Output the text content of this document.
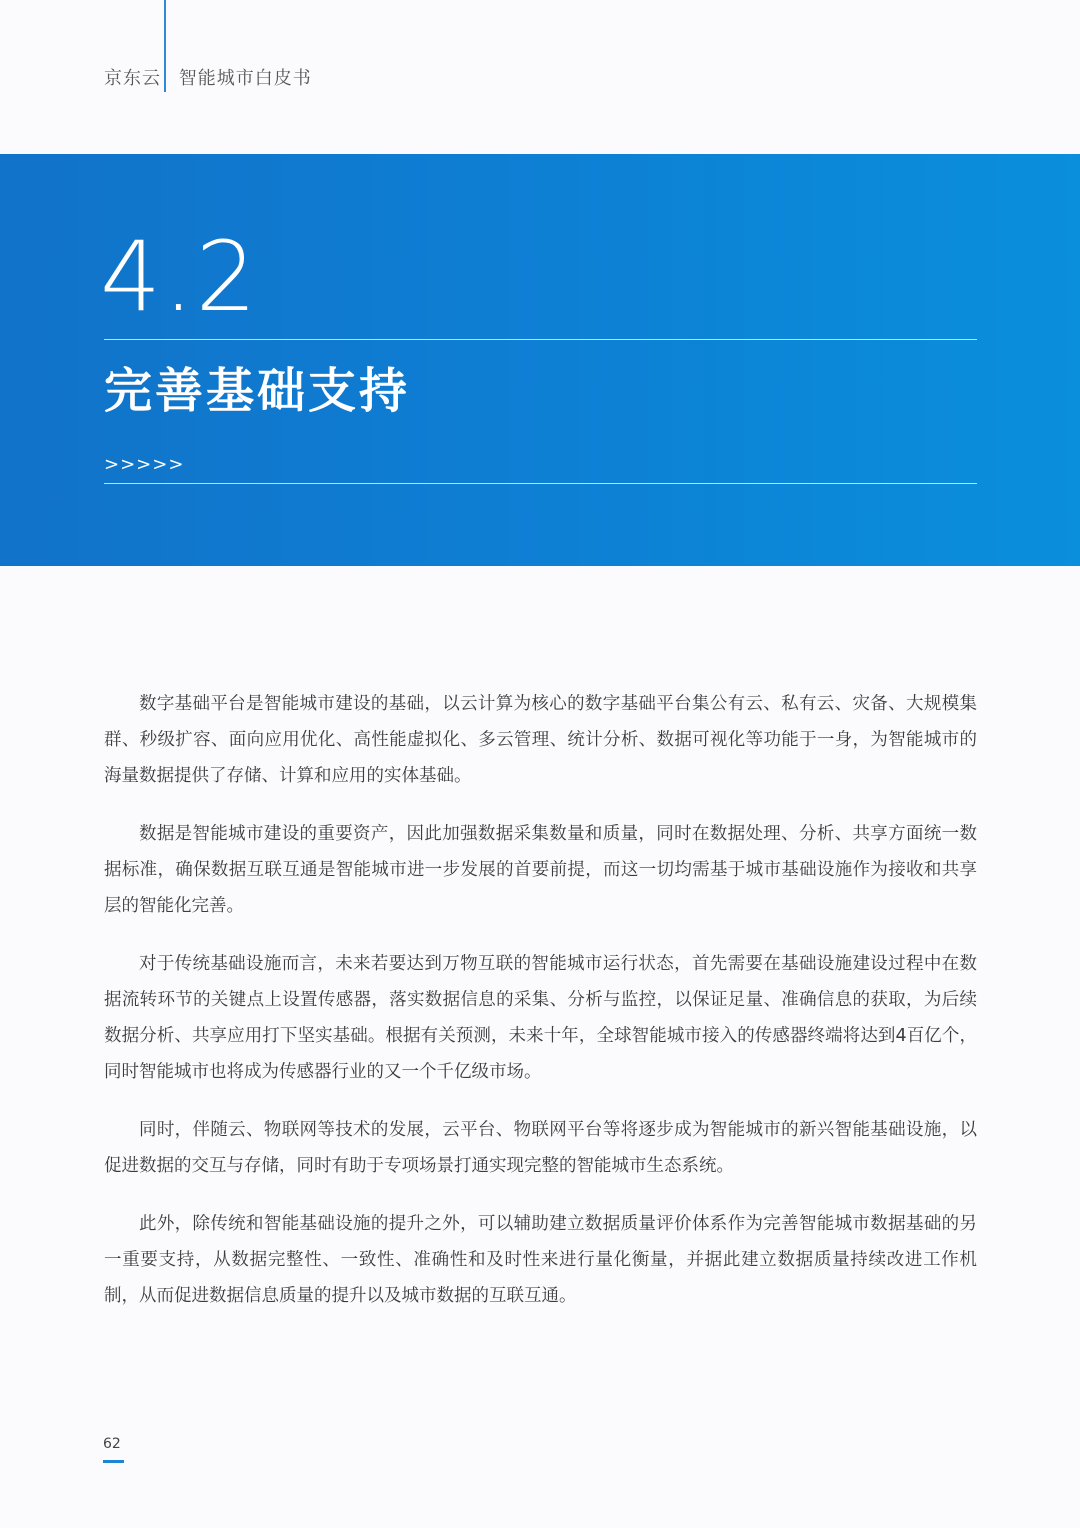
京东云 智能城市白皮书
4.2
完善基础支持
>>>>>

数字基础平台是智能城市建设的基础，以云计算为核心的数字基础平台集公有云、私有云、灾备、大规模集群、秒级扩容、面向应用优化、高性能虚拟化、多云管理、统计分析、数据可视化等功能于一身，为智能城市的海量数据提供了存储、计算和应用的实体基础。

数据是智能城市建设的重要资产，因此加强数据采集数量和质量，同时在数据处理、分析、共享方面统一数据标准，确保数据互联互通是智能城市进一步发展的首要前提，而这一切均需基于城市基础设施作为接收和共享层的智能化完善。

对于传统基础设施而言，未来若要达到万物互联的智能城市运行状态，首先需要在基础设施建设过程中在数据流转环节的关键点上设置传感器，落实数据信息的采集、分析与监控，以保证足量、准确信息的获取，为后续数据分析、共享应用打下坚实基础。根据有关预测，未来十年，全球智能城市接入的传感器终端将达到4百亿个，同时智能城市也将成为传感器行业的又一个千亿级市场。

同时，伴随云、物联网等技术的发展，云平台、物联网平台等将逐步成为智能城市的新兴智能基础设施，以促进数据的交互与存储，同时有助于专项场景打通实现完整的智能城市生态系统。

此外，除传统和智能基础设施的提升之外，可以辅助建立数据质量评价体系作为完善智能城市数据基础的另一重要支持，从数据完整性、一致性、准确性和及时性来进行量化衡量，并据此建立数据质量持续改进工作机制，从而促进数据信息质量的提升以及城市数据的互联互通。

62
